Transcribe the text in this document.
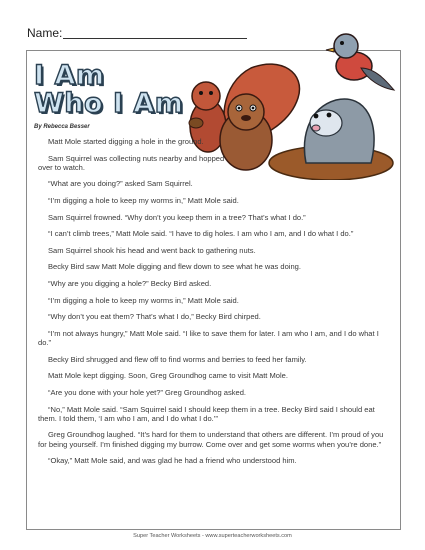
Name:
I Am
Who I Am
By Rebecca Besser

Matt Mole started digging a hole in the ground.

Sam Squirrel was collecting nuts nearby and hopped over to watch.

“What are you doing?” asked Sam Squirrel.

“I’m digging a hole to keep my worms in,” Matt Mole said.

Sam Squirrel frowned. “Why don’t you keep them in a tree? That’s what I do.”

“I can’t climb trees,” Matt Mole said. “I have to dig holes. I am who I am, and I do what I do.”

Sam Squirrel shook his head and went back to gathering nuts.

Becky Bird saw Matt Mole digging and flew down to see what he was doing.

“Why are you digging a hole?” Becky Bird asked.

“I’m digging a hole to keep my worms in,” Matt Mole said.

“Why don’t you eat them? That’s what I do,” Becky Bird chirped.

“I’m not always hungry,” Matt Mole said. “I like to save them for later. I am who I am, and I do what I do.”

Becky Bird shrugged and flew off to find worms and berries to feed her family.

Matt Mole kept digging. Soon, Greg Groundhog came to visit Matt Mole.

“Are you done with your hole yet?” Greg Groundhog asked.

“No,” Matt Mole said. “Sam Squirrel said I should keep them in a tree. Becky Bird said I should eat them. I told them, ‘I am who I am, and I do what I do.’”

Greg Groundhog laughed. “It’s hard for them to understand that others are different. I’m proud of you for being yourself. I’m finished digging my burrow. Come over and get some worms when you’re done.”

“Okay,” Matt Mole said, and was glad he had a friend who understood him.

Super Teacher Worksheets - www.superteacherworksheets.com
